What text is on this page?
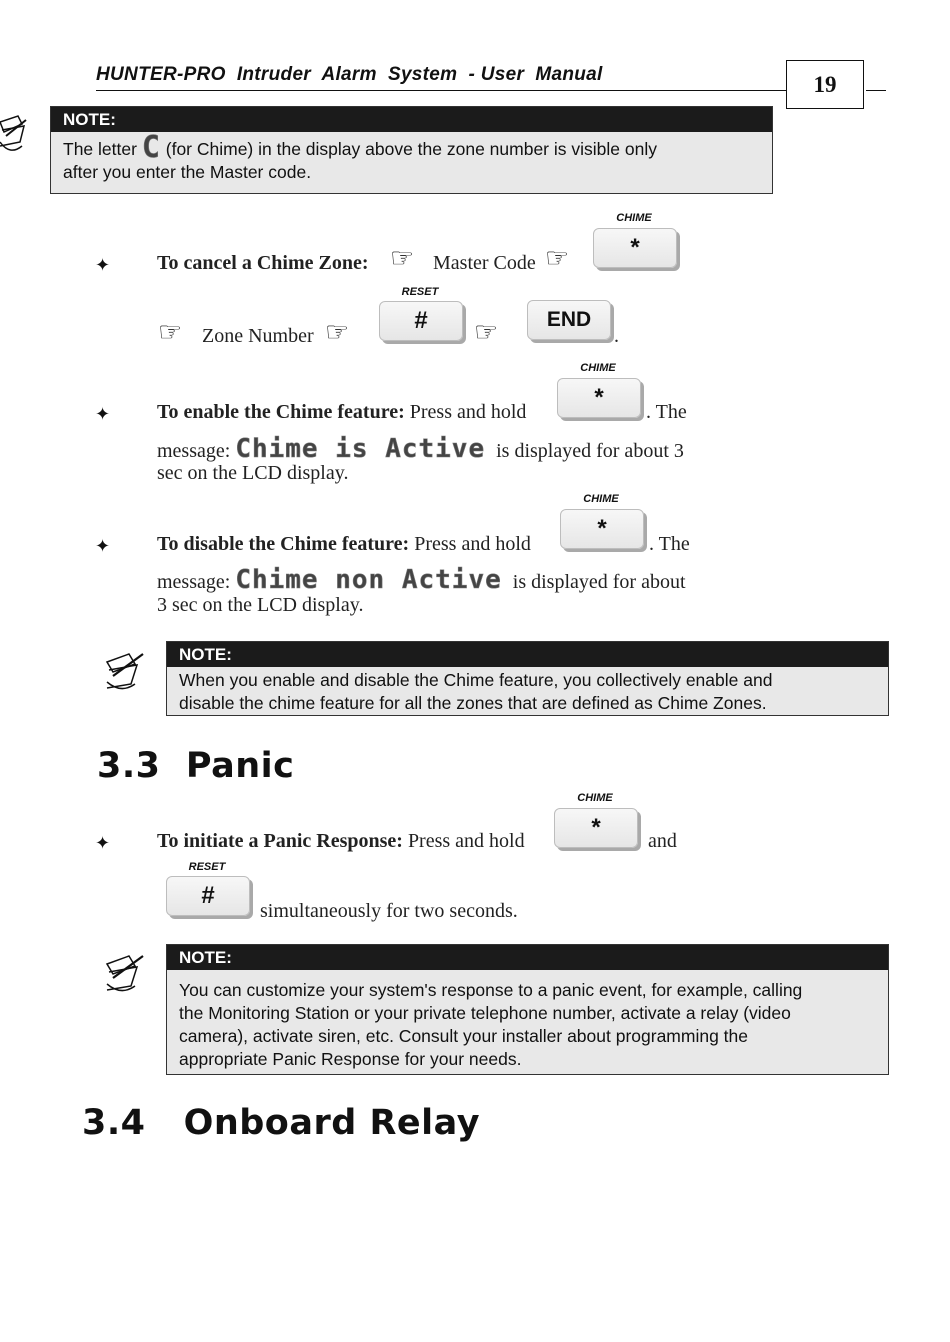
HUNTER-PRO  Intruder  Alarm  System  - User  Manual	19
NOTE:
The letter C (for Chime) in the display above the zone number is visible only
after you enter the Master code.
✦ To cancel a Chime Zone: ☞ Master Code ☞
CHIME
*
☞ Zone Number ☞
RESET
#	☞	END
.
✦ To enable the Chime feature: Press and hold
CHIME
*
. The
message: Chime is Active is displayed for about 3
sec on the LCD display.
✦ To disable the Chime feature: Press and hold
CHIME
*
. The
message: Chime non Active is displayed for about
3 sec on the LCD display.
NOTE:
When you enable and disable the Chime feature, you collectively enable and
disable the chime feature for all the zones that are defined as Chime Zones.
3.3 Panic
✦ To initiate a Panic Response: Press and hold
CHIME
*	and
RESET
#
simultaneously for two seconds.
NOTE:
You can customize your system's response to a panic event, for example, calling
the Monitoring Station or your private telephone number, activate a relay (video
camera), activate siren, etc. Consult your installer about programming the
appropriate Panic Response for your needs.
3.4 Onboard Relay
